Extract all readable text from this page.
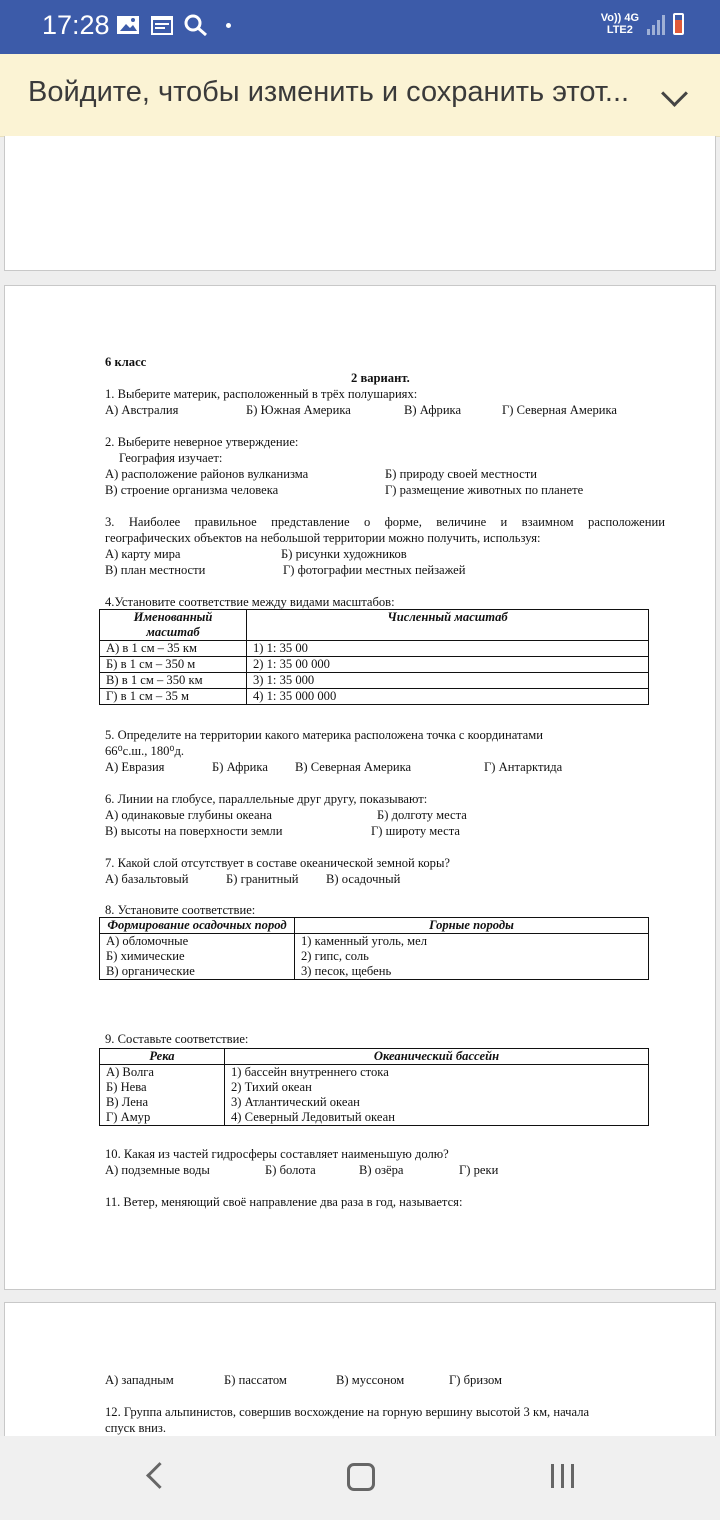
17:28	Vo)) 4G
LTE2
Войдите, чтобы изменить и сохранить этот...
6 класс
2 вариант.
1. Выберите материк, расположенный в трёх полушариях:
А) Австралия	Б) Южная Америка	В) Африка	Г) Северная Америка
2. Выберите неверное утверждение:
География изучает:
А) расположение районов вулканизма	Б) природу своей местности
В) строение организма человека	Г) размещение животных по планете
3. Наиболее правильное представление о форме, величине и взаимном расположении
географических объектов на небольшой территории можно получить, используя:
А) карту мира	Б) рисунки художников
В) план местности	Г) фотографии местных пейзажей
4.Установите соответствие между видами масштабов:
Именованный масштаб	Численный масштаб
А) в 1 см – 35 км	1) 1: 35 00
Б) в 1 см – 350 м	2) 1: 35 00 000
В) в 1 см – 350 км	3) 1: 35 000
Г) в 1 см – 35 м	4) 1: 35 000 000
5. Определите на территории какого материка расположена точка с координатами
66⁰с.ш., 180⁰д.
А) Евразия	Б) Африка В) Северная Америка	Г) Антарктида
6. Линии на глобусе, параллельные друг другу, показывают:
А) одинаковые глубины океана	Б) долготу места
В) высоты на поверхности земли	Г) широту места
7. Какой слой отсутствует в составе океанической земной коры?
А) базальтовый	Б) гранитный В) осадочный
8. Установите соответствие:
Формирование осадочных пород	Горные породы
А) обломочные	1) каменный уголь, мел
Б) химические	2) гипс, соль
В) органические	3) песок, щебень
9. Составьте соответствие:
Река	Океанический бассейн
А) Волга	1) бассейн внутреннего стока
Б) Нева	2) Тихий океан
В) Лена	3) Атлантический океан
Г) Амур	4) Северный Ледовитый океан
10. Какая из частей гидросферы составляет наименьшую долю?
А) подземные воды	Б) болота	В) озёра	Г) реки
11. Ветер, меняющий своё направление два раза в год, называется:
А) западным	Б) пассатом	В) муссоном	Г) бризом
12. Группа альпинистов, совершив восхождение на горную вершину высотой 3 км, начала
спуск вниз.
